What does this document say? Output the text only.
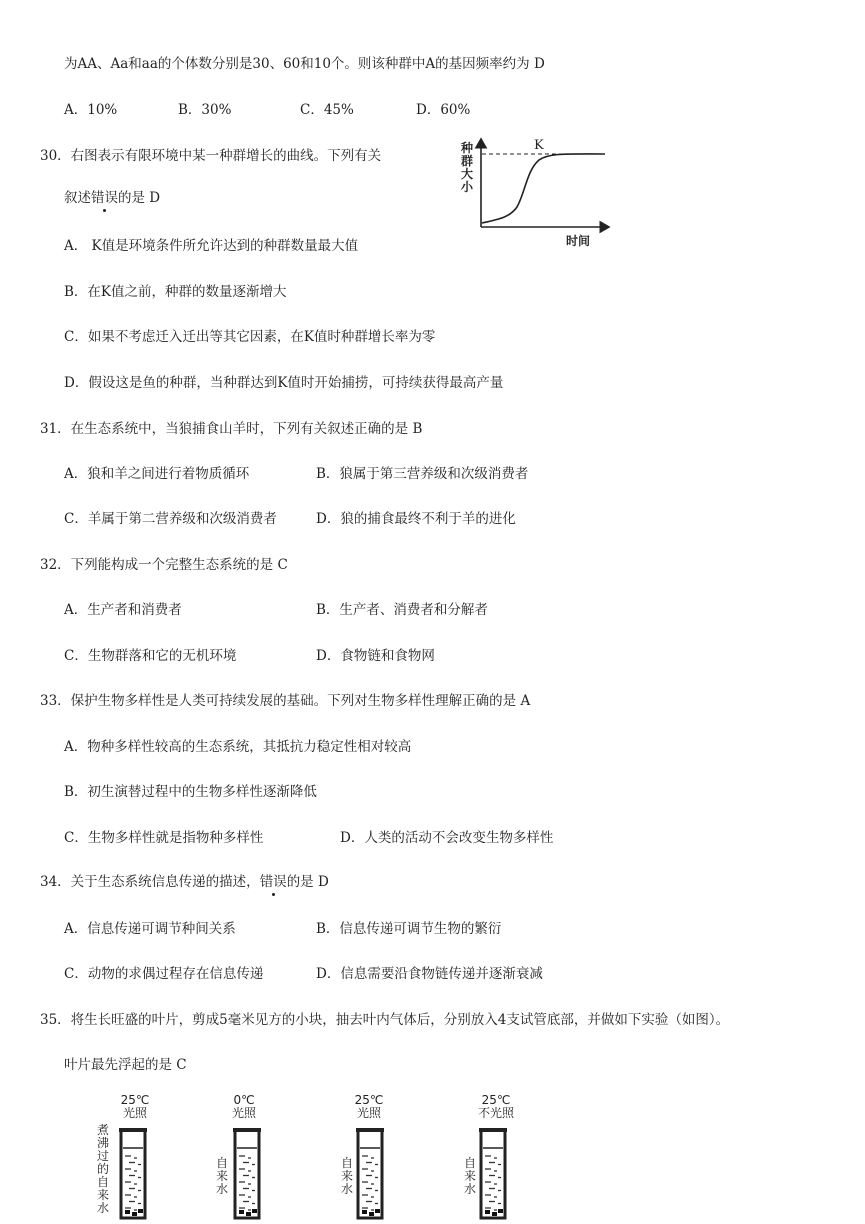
为AA、Aa和aa的个体数分别是30、60和10个。则该种群中A的基因频率约为 D
A．10%	B．30%	C．45%	D．60%
30．右图表示有限环境中某一种群增长的曲线。下列有关
叙述错误的是 D
A． K值是环境条件所允许达到的种群数量最大值
B．在K值之前，种群的数量逐渐增大
C．如果不考虑迁入迁出等其它因素，在K值时种群增长率为零
D．假设这是鱼的种群，当种群达到K值时开始捕捞，可持续获得最高产量
K
种群大小
时间
31．在生态系统中，当狼捕食山羊时，下列有关叙述正确的是 B
A．狼和羊之间进行着物质循环	B．狼属于第三营养级和次级消费者
C．羊属于第二营养级和次级消费者	D．狼的捕食最终不利于羊的进化
32．下列能构成一个完整生态系统的是 C
A．生产者和消费者	B．生产者、消费者和分解者
C．生物群落和它的无机环境	D．食物链和食物网
33．保护生物多样性是人类可持续发展的基础。下列对生物多样性理解正确的是 A
A．物种多样性较高的生态系统，其抵抗力稳定性相对较高
B．初生演替过程中的生物多样性逐渐降低
C．生物多样性就是指物种多样性	D．人类的活动不会改变生物多样性
34．关于生态系统信息传递的描述，错误的是 D
A．信息传递可调节种间关系	B．信息传递可调节生物的繁衍
C．动物的求偶过程存在信息传递	D．信息需要沿食物链传递并逐渐衰减
35．将生长旺盛的叶片，剪成5毫米见方的小块，抽去叶内气体后，分别放入4支试管底部，并做如下实验（如图）。
叶片最先浮起的是 C
25℃
光照
煮沸过的自来水
0℃
光照
自来水
25℃
光照
自来水
25℃
不光照
自来水
